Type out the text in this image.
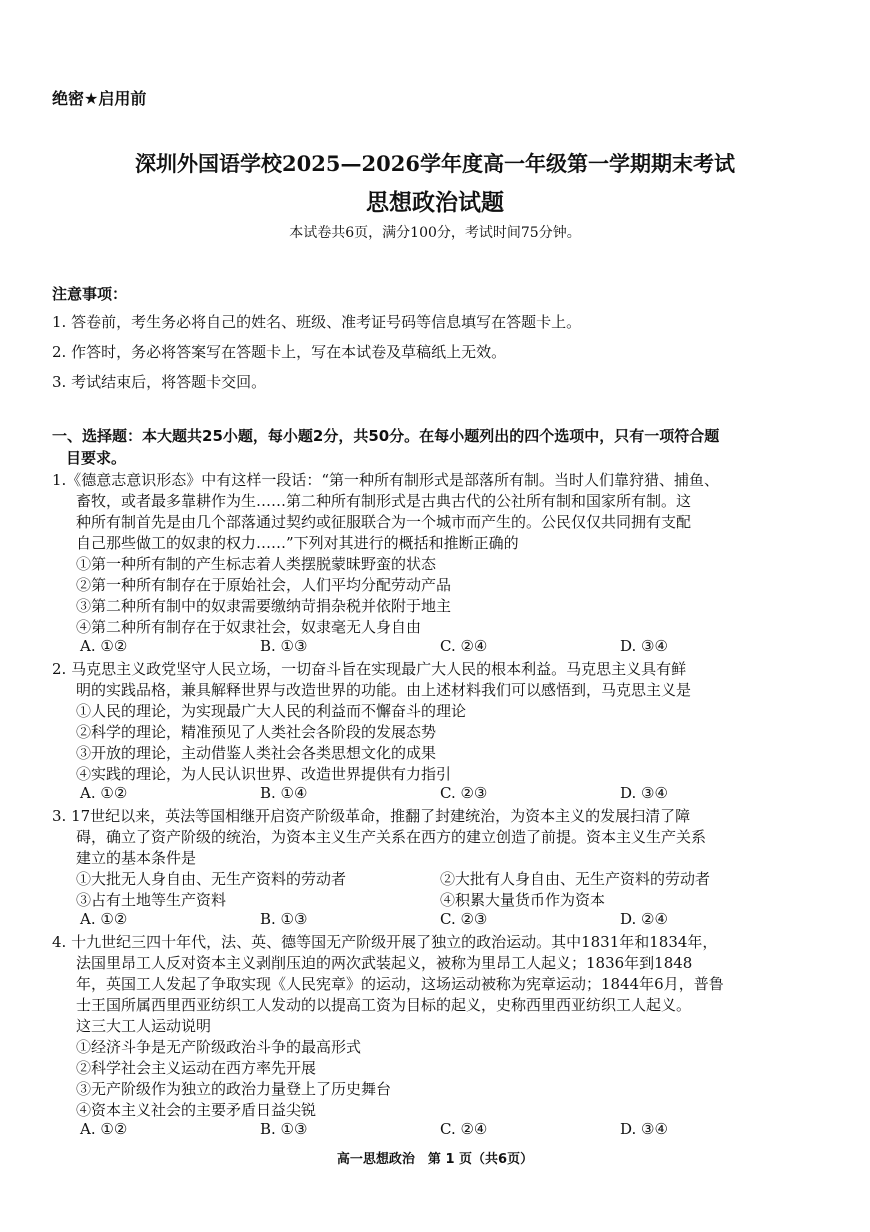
绝密★启用前
深圳外国语学校2025—2026学年度高一年级第一学期期末考试
思想政治试题
本试卷共6页，满分100分，考试时间75分钟。
注意事项：
1. 答卷前，考生务必将自己的姓名、班级、准考证号码等信息填写在答题卡上。
2. 作答时，务必将答案写在答题卡上，写在本试卷及草稿纸上无效。
3. 考试结束后，将答题卡交回。
一、选择题：本大题共25小题，每小题2分，共50分。在每小题列出的四个选项中，只有一项符合题
目要求。
1.《德意志意识形态》中有这样一段话：“第一种所有制形式是部落所有制。当时人们靠狩猎、捕鱼、
畜牧，或者最多靠耕作为生……第二种所有制形式是古典古代的公社所有制和国家所有制。这
种所有制首先是由几个部落通过契约或征服联合为一个城市而产生的。公民仅仅共同拥有支配
自己那些做工的奴隶的权力……”下列对其进行的概括和推断正确的
①第一种所有制的产生标志着人类摆脱蒙昧野蛮的状态
②第一种所有制存在于原始社会，人们平均分配劳动产品
③第二种所有制中的奴隶需要缴纳苛捐杂税并依附于地主
④第二种所有制存在于奴隶社会，奴隶毫无人身自由
A. ①②	B. ①③	C. ②④	D. ③④
2. 马克思主义政党坚守人民立场，一切奋斗旨在实现最广大人民的根本利益。马克思主义具有鲜
明的实践品格，兼具解释世界与改造世界的功能。由上述材料我们可以感悟到，马克思主义是
①人民的理论，为实现最广大人民的利益而不懈奋斗的理论
②科学的理论，精准预见了人类社会各阶段的发展态势
③开放的理论，主动借鉴人类社会各类思想文化的成果
④实践的理论，为人民认识世界、改造世界提供有力指引
A. ①②	B. ①④	C. ②③	D. ③④
3. 17世纪以来，英法等国相继开启资产阶级革命，推翻了封建统治，为资本主义的发展扫清了障
碍，确立了资产阶级的统治，为资本主义生产关系在西方的建立创造了前提。资本主义生产关系
建立的基本条件是
①大批无人身自由、无生产资料的劳动者	②大批有人身自由、无生产资料的劳动者
③占有土地等生产资料	④积累大量货币作为资本
A. ①②	B. ①③	C. ②③	D. ②④
4. 十九世纪三四十年代，法、英、德等国无产阶级开展了独立的政治运动。其中1831年和1834年，
法国里昂工人反对资本主义剥削压迫的两次武装起义，被称为里昂工人起义；1836年到1848
年，英国工人发起了争取实现《人民宪章》的运动，这场运动被称为宪章运动；1844年6月，普鲁
士王国所属西里西亚纺织工人发动的以提高工资为目标的起义，史称西里西亚纺织工人起义。
这三大工人运动说明
①经济斗争是无产阶级政治斗争的最高形式
②科学社会主义运动在西方率先开展
③无产阶级作为独立的政治力量登上了历史舞台
④资本主义社会的主要矛盾日益尖锐
A. ①②	B. ①③	C. ②④	D. ③④
高一思想政治　第 1 页（共6页）
